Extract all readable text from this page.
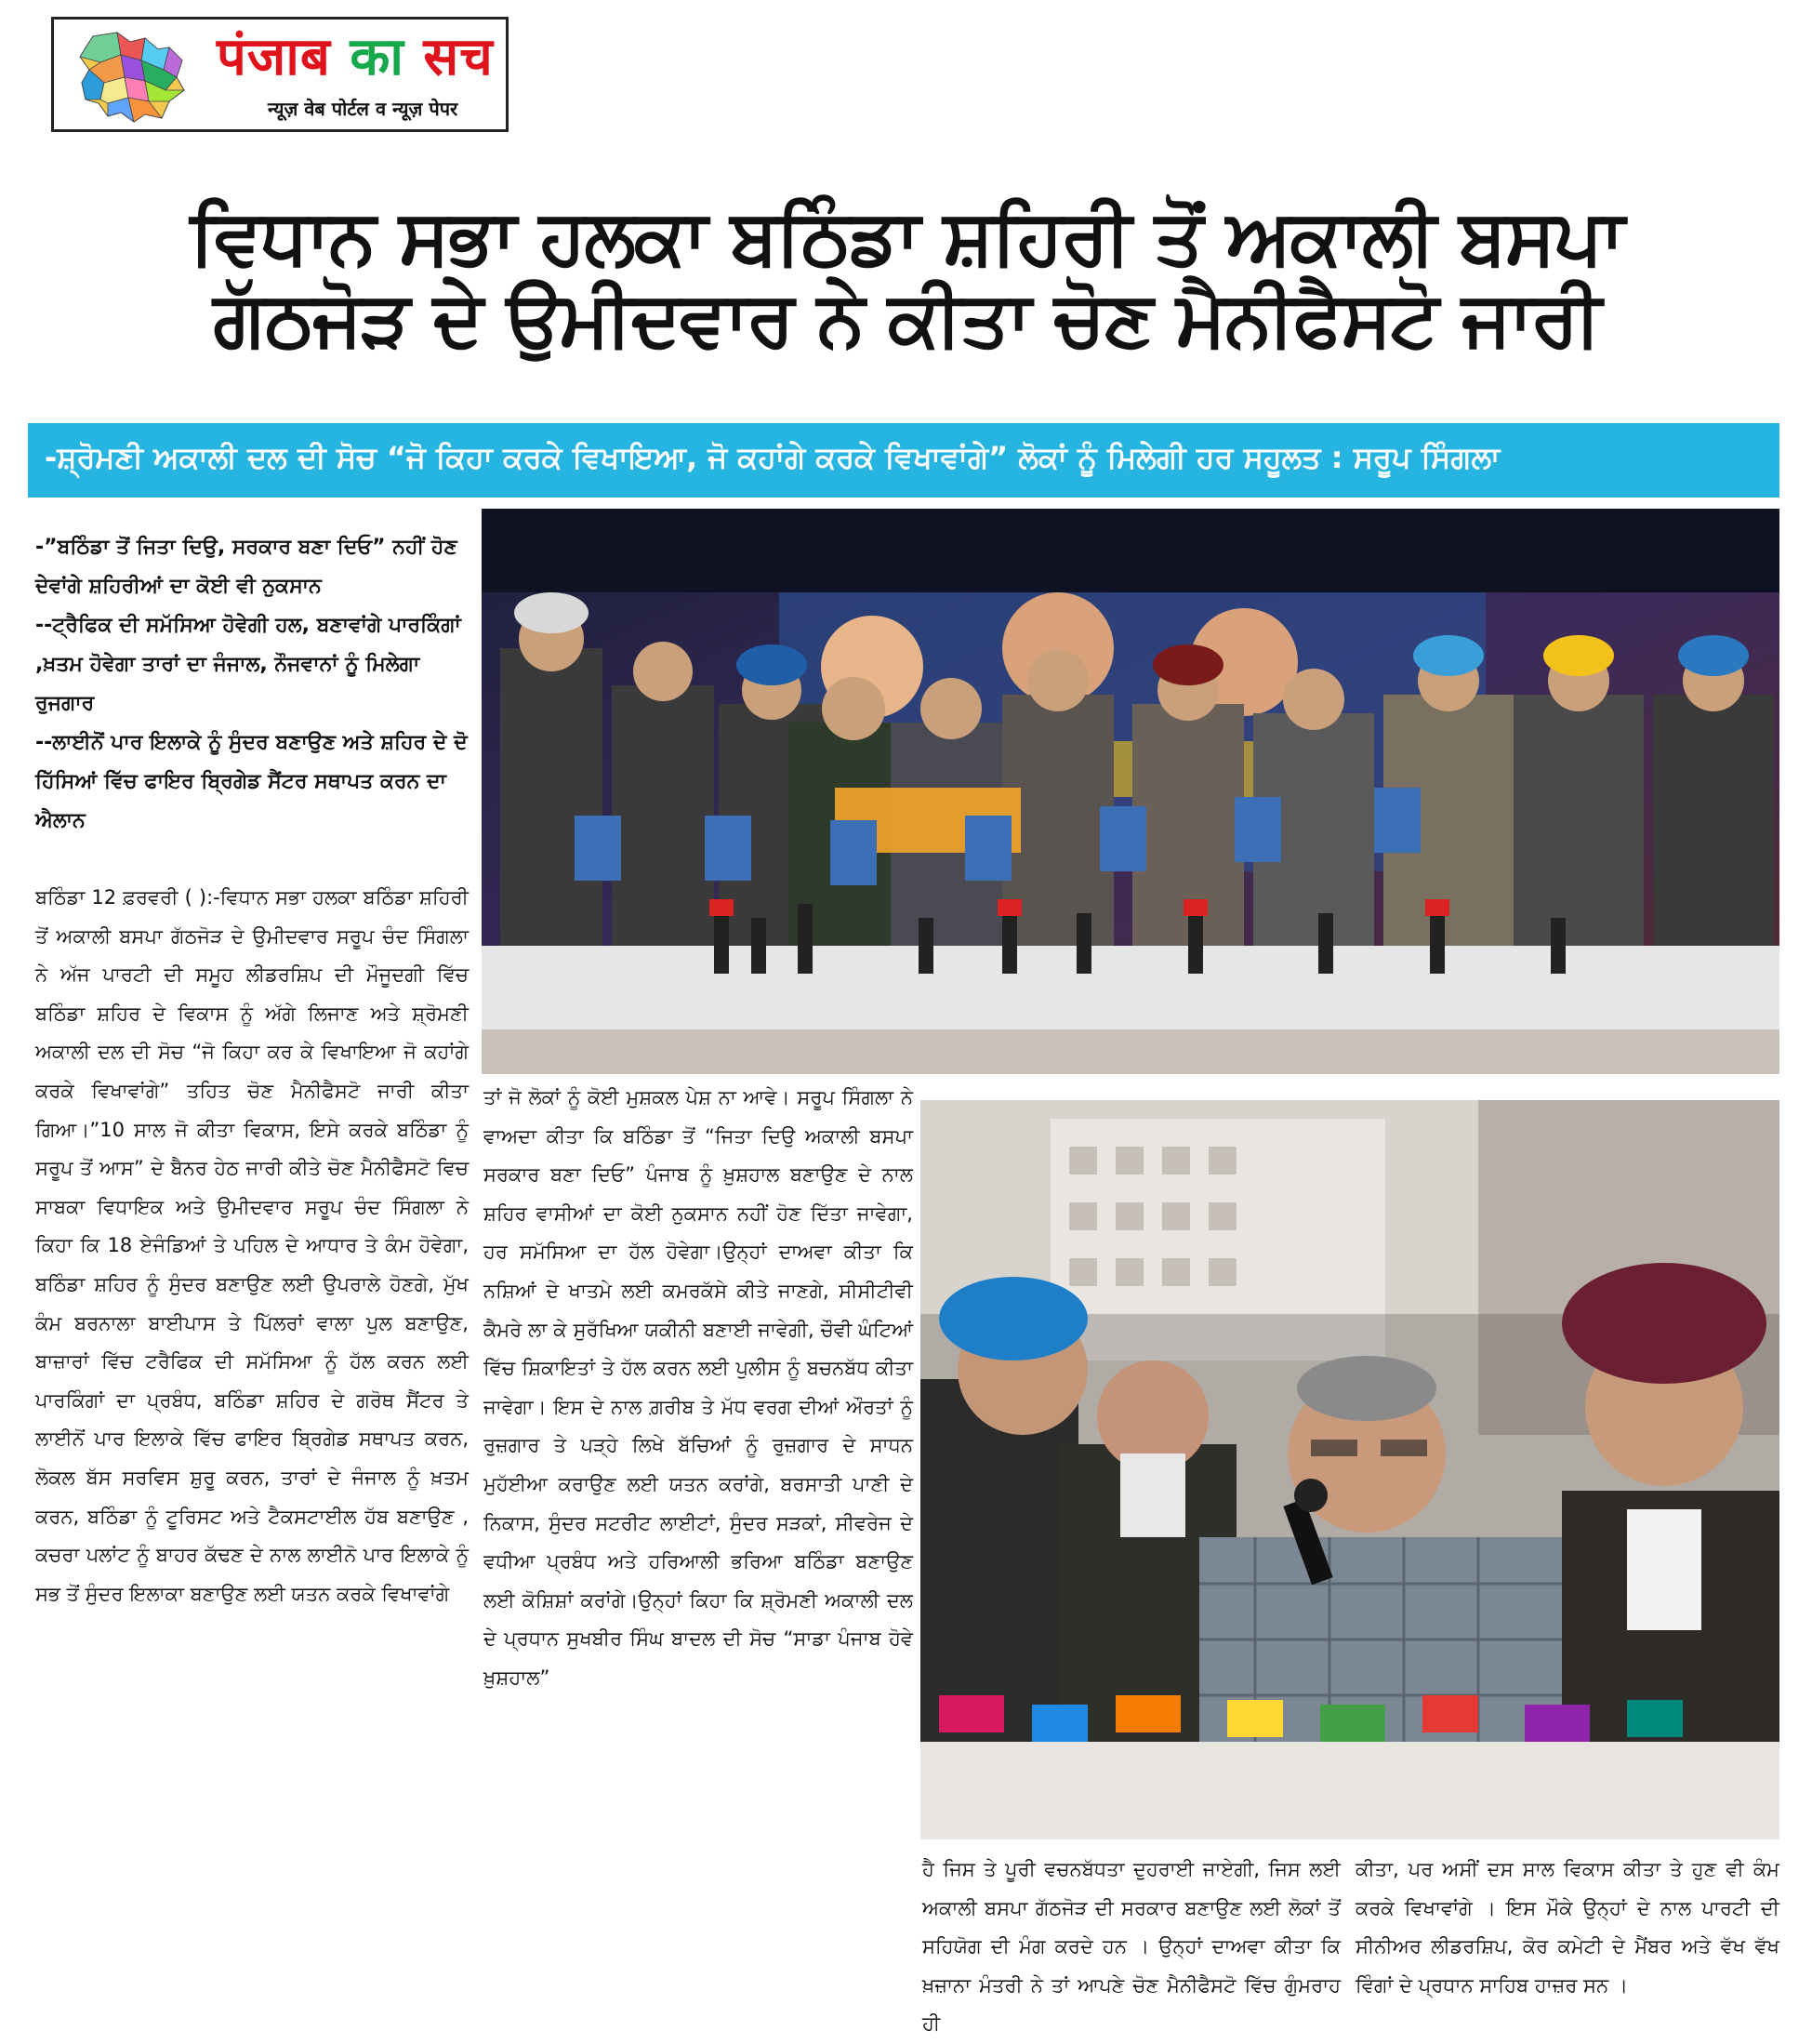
पंजाब का सच
न्यूज़ वेब पोर्टल व न्यूज़ पेपर
ਵਿਧਾਨ ਸਭਾ ਹਲਕਾ ਬਠਿੰਡਾ ਸ਼ਹਿਰੀ ਤੋਂ ਅਕਾਲੀ ਬਸਪਾ
ਗੱਠਜੋੜ ਦੇ ਉਮੀਦਵਾਰ ਨੇ ਕੀਤਾ ਚੋਣ ਮੈਨੀਫੈਸਟੋ ਜਾਰੀ
-ਸ਼੍ਰੋਮਣੀ ਅਕਾਲੀ ਦਲ ਦੀ ਸੋਚ “ਜੋ ਕਿਹਾ ਕਰਕੇ ਵਿਖਾਇਆ, ਜੋ ਕਹਾਂਗੇ ਕਰਕੇ ਵਿਖਾਵਾਂਗੇ” ਲੋਕਾਂ ਨੂੰ ਮਿਲੇਗੀ ਹਰ ਸਹੂਲਤ : ਸਰੂਪ ਸਿੰਗਲਾ
-”ਬਠਿੰਡਾ ਤੋਂ ਜਿਤਾ ਦਿਉ, ਸਰਕਾਰ ਬਣਾ ਦਿਓ” ਨਹੀਂ ਹੋਣ ਦੇਵਾਂਗੇ ਸ਼ਹਿਰੀਆਂ ਦਾ ਕੋਈ ਵੀ ਨੁਕਸਾਨ
--ਟ੍ਰੈਫਿਕ ਦੀ ਸਮੱਸਿਆ ਹੋਵੇਗੀ ਹਲ, ਬਣਾਵਾਂਗੇ ਪਾਰਕਿੰਗਾਂ ,ਖ਼ਤਮ ਹੋਵੇਗਾ ਤਾਰਾਂ ਦਾ ਜੰਜਾਲ, ਨੌਜਵਾਨਾਂ ਨੂੰ ਮਿਲੇਗਾ ਰੁਜਗਾਰ
--ਲਾਈਨੋਂ ਪਾਰ ਇਲਾਕੇ ਨੂੰ ਸੁੰਦਰ ਬਣਾਉਣ ਅਤੇ ਸ਼ਹਿਰ ਦੇ ਦੋ ਹਿੱਸਿਆਂ ਵਿੱਚ ਫਾਇਰ ਬ੍ਰਿਗੇਡ ਸੈਂਟਰ ਸਥਾਪਤ ਕਰਨ ਦਾ ਐਲਾਨ
ਬਠਿੰਡਾ 12 ਫ਼ਰਵਰੀ ( ):-ਵਿਧਾਨ ਸਭਾ ਹਲਕਾ ਬਠਿੰਡਾ ਸ਼ਹਿਰੀ ਤੋਂ ਅਕਾਲੀ ਬਸਪਾ ਗੱਠਜੋੜ ਦੇ ਉਮੀਦਵਾਰ ਸਰੂਪ ਚੰਦ ਸਿੰਗਲਾ ਨੇ ਅੱਜ ਪਾਰਟੀ ਦੀ ਸਮੂਹ ਲੀਡਰਸ਼ਿਪ ਦੀ ਮੌਜੂਦਗੀ ਵਿੱਚ ਬਠਿੰਡਾ ਸ਼ਹਿਰ ਦੇ ਵਿਕਾਸ ਨੂੰ ਅੱਗੇ ਲਿਜਾਣ ਅਤੇ ਸ਼੍ਰੋਮਣੀ ਅਕਾਲੀ ਦਲ ਦੀ ਸੋਚ “ਜੋ ਕਿਹਾ ਕਰ ਕੇ ਵਿਖਾਇਆ ਜੋ ਕਹਾਂਗੇ ਕਰਕੇ ਵਿਖਾਵਾਂਗੇ” ਤਹਿਤ ਚੋਣ ਮੈਨੀਫੈਸਟੋ ਜਾਰੀ ਕੀਤਾ ਗਿਆ।”10 ਸਾਲ ਜੋ ਕੀਤਾ ਵਿਕਾਸ, ਇਸੇ ਕਰਕੇ ਬਠਿੰਡਾ ਨੂੰ ਸਰੂਪ ਤੋਂ ਆਸ” ਦੇ ਬੈਨਰ ਹੇਠ ਜਾਰੀ ਕੀਤੇ ਚੋਣ ਮੈਨੀਫੈਸਟੋ ਵਿਚ ਸਾਬਕਾ ਵਿਧਾਇਕ ਅਤੇ ਉਮੀਦਵਾਰ ਸਰੂਪ ਚੰਦ ਸਿੰਗਲਾ ਨੇ ਕਿਹਾ ਕਿ 18 ਏਜੰਡਿਆਂ ਤੇ ਪਹਿਲ ਦੇ ਆਧਾਰ ਤੇ ਕੰਮ ਹੋਵੇਗਾ, ਬਠਿੰਡਾ ਸ਼ਹਿਰ ਨੂੰ ਸੁੰਦਰ ਬਣਾਉਣ ਲਈ ਉਪਰਾਲੇ ਹੋਣਗੇ, ਮੁੱਖ ਕੰਮ ਬਰਨਾਲਾ ਬਾਈਪਾਸ ਤੇ ਪਿੱਲਰਾਂ ਵਾਲਾ ਪੁਲ ਬਣਾਉਣ, ਬਾਜ਼ਾਰਾਂ ਵਿੱਚ ਟਰੈਫਿਕ ਦੀ ਸਮੱਸਿਆ ਨੂੰ ਹੱਲ ਕਰਨ ਲਈ ਪਾਰਕਿੰਗਾਂ ਦਾ ਪ੍ਰਬੰਧ, ਬਠਿੰਡਾ ਸ਼ਹਿਰ ਦੇ ਗਰੋਥ ਸੈਂਟਰ ਤੇ ਲਾਈਨੋਂ ਪਾਰ ਇਲਾਕੇ ਵਿੱਚ ਫਾਇਰ ਬ੍ਰਿਗੇਡ ਸਥਾਪਤ ਕਰਨ, ਲੋਕਲ ਬੱਸ ਸਰਵਿਸ ਸ਼ੁਰੂ ਕਰਨ, ਤਾਰਾਂ ਦੇ ਜੰਜਾਲ ਨੂੰ ਖ਼ਤਮ ਕਰਨ, ਬਠਿੰਡਾ ਨੂੰ ਟੂਰਿਸਟ ਅਤੇ ਟੈਕਸਟਾਈਲ ਹੱਬ ਬਣਾਉਣ , ਕਚਰਾ ਪਲਾਂਟ ਨੂੰ ਬਾਹਰ ਕੱਢਣ ਦੇ ਨਾਲ ਲਾਈਨੋ ਪਾਰ ਇਲਾਕੇ ਨੂੰ ਸਭ ਤੋਂ ਸੁੰਦਰ ਇਲਾਕਾ ਬਣਾਉਣ ਲਈ ਯਤਨ ਕਰਕੇ ਵਿਖਾਵਾਂਗੇ
ਤਾਂ ਜੋ ਲੋਕਾਂ ਨੂੰ ਕੋਈ ਮੁਸ਼ਕਲ ਪੇਸ਼ ਨਾ ਆਵੇ। ਸਰੂਪ ਸਿੰਗਲਾ ਨੇ ਵਾਅਦਾ ਕੀਤਾ ਕਿ ਬਠਿੰਡਾ ਤੋਂ “ਜਿਤਾ ਦਿਉ ਅਕਾਲੀ ਬਸਪਾ ਸਰਕਾਰ ਬਣਾ ਦਿਓ” ਪੰਜਾਬ ਨੂੰ ਖ਼ੁਸ਼ਹਾਲ ਬਣਾਉਣ ਦੇ ਨਾਲ ਸ਼ਹਿਰ ਵਾਸੀਆਂ ਦਾ ਕੋਈ ਨੁਕਸਾਨ ਨਹੀਂ ਹੋਣ ਦਿੱਤਾ ਜਾਵੇਗਾ, ਹਰ ਸਮੱਸਿਆ ਦਾ ਹੱਲ ਹੋਵੇਗਾ।ਉਨ੍ਹਾਂ ਦਾਅਵਾ ਕੀਤਾ ਕਿ ਨਸ਼ਿਆਂ ਦੇ ਖਾਤਮੇ ਲਈ ਕਮਰਕੱਸੇ ਕੀਤੇ ਜਾਣਗੇ, ਸੀਸੀਟੀਵੀ ਕੈਮਰੇ ਲਾ ਕੇ ਸੁਰੱਖਿਆ ਯਕੀਨੀ ਬਣਾਈ ਜਾਵੇਗੀ, ਚੌਵੀ ਘੰਟਿਆਂ ਵਿੱਚ ਸ਼ਿਕਾਇਤਾਂ ਤੇ ਹੱਲ ਕਰਨ ਲਈ ਪੁਲੀਸ ਨੂੰ ਬਚਨਬੱਧ ਕੀਤਾ ਜਾਵੇਗਾ। ਇਸ ਦੇ ਨਾਲ ਗ਼ਰੀਬ ਤੇ ਮੱਧ ਵਰਗ ਦੀਆਂ ਔਰਤਾਂ ਨੂੰ ਰੁਜ਼ਗਾਰ ਤੇ ਪੜ੍ਹੇ ਲਿਖੇ ਬੱਚਿਆਂ ਨੂੰ ਰੁਜ਼ਗਾਰ ਦੇ ਸਾਧਨ ਮੁਹੱਈਆ ਕਰਾਉਣ ਲਈ ਯਤਨ ਕਰਾਂਗੇ, ਬਰਸਾਤੀ ਪਾਣੀ ਦੇ ਨਿਕਾਸ, ਸੁੰਦਰ ਸਟਰੀਟ ਲਾਈਟਾਂ, ਸੁੰਦਰ ਸੜਕਾਂ, ਸੀਵਰੇਜ ਦੇ ਵਧੀਆ ਪ੍ਰਬੰਧ ਅਤੇ ਹਰਿਆਲੀ ਭਰਿਆ ਬਠਿੰਡਾ ਬਣਾਉਣ ਲਈ ਕੋਸ਼ਿਸ਼ਾਂ ਕਰਾਂਗੇ।ਉਨ੍ਹਾਂ ਕਿਹਾ ਕਿ ਸ਼੍ਰੋਮਣੀ ਅਕਾਲੀ ਦਲ ਦੇ ਪ੍ਰਧਾਨ ਸੁਖਬੀਰ ਸਿੰਘ ਬਾਦਲ ਦੀ ਸੋਚ “ਸਾਡਾ ਪੰਜਾਬ ਹੋਵੇ ਖ਼ੁਸ਼ਹਾਲ”
ਹੈ ਜਿਸ ਤੇ ਪੂਰੀ ਵਚਨਬੱਧਤਾ ਦੁਹਰਾਈ ਜਾਏਗੀ, ਜਿਸ ਲਈ ਅਕਾਲੀ ਬਸਪਾ ਗੱਠਜੋੜ ਦੀ ਸਰਕਾਰ ਬਣਾਉਣ ਲਈ ਲੋਕਾਂ ਤੋਂ ਸਹਿਯੋਗ ਦੀ ਮੰਗ ਕਰਦੇ ਹਨ । ਉਨ੍ਹਾਂ ਦਾਅਵਾ ਕੀਤਾ ਕਿ ਖ਼ਜ਼ਾਨਾ ਮੰਤਰੀ ਨੇ ਤਾਂ ਆਪਣੇ ਚੋਣ ਮੈਨੀਫੈਸਟੋ ਵਿੱਚ ਗੁੰਮਰਾਹ ਹੀ
ਕੀਤਾ, ਪਰ ਅਸੀਂ ਦਸ ਸਾਲ ਵਿਕਾਸ ਕੀਤਾ ਤੇ ਹੁਣ ਵੀ ਕੰਮ ਕਰਕੇ ਵਿਖਾਵਾਂਗੇ । ਇਸ ਮੌਕੇ ਉਨ੍ਹਾਂ ਦੇ ਨਾਲ ਪਾਰਟੀ ਦੀ ਸੀਨੀਅਰ ਲੀਡਰਸ਼ਿਪ, ਕੋਰ ਕਮੇਟੀ ਦੇ ਮੈਂਬਰ ਅਤੇ ਵੱਖ ਵੱਖ ਵਿੰਗਾਂ ਦੇ ਪ੍ਰਧਾਨ ਸਾਹਿਬ ਹਾਜ਼ਰ ਸਨ ।
